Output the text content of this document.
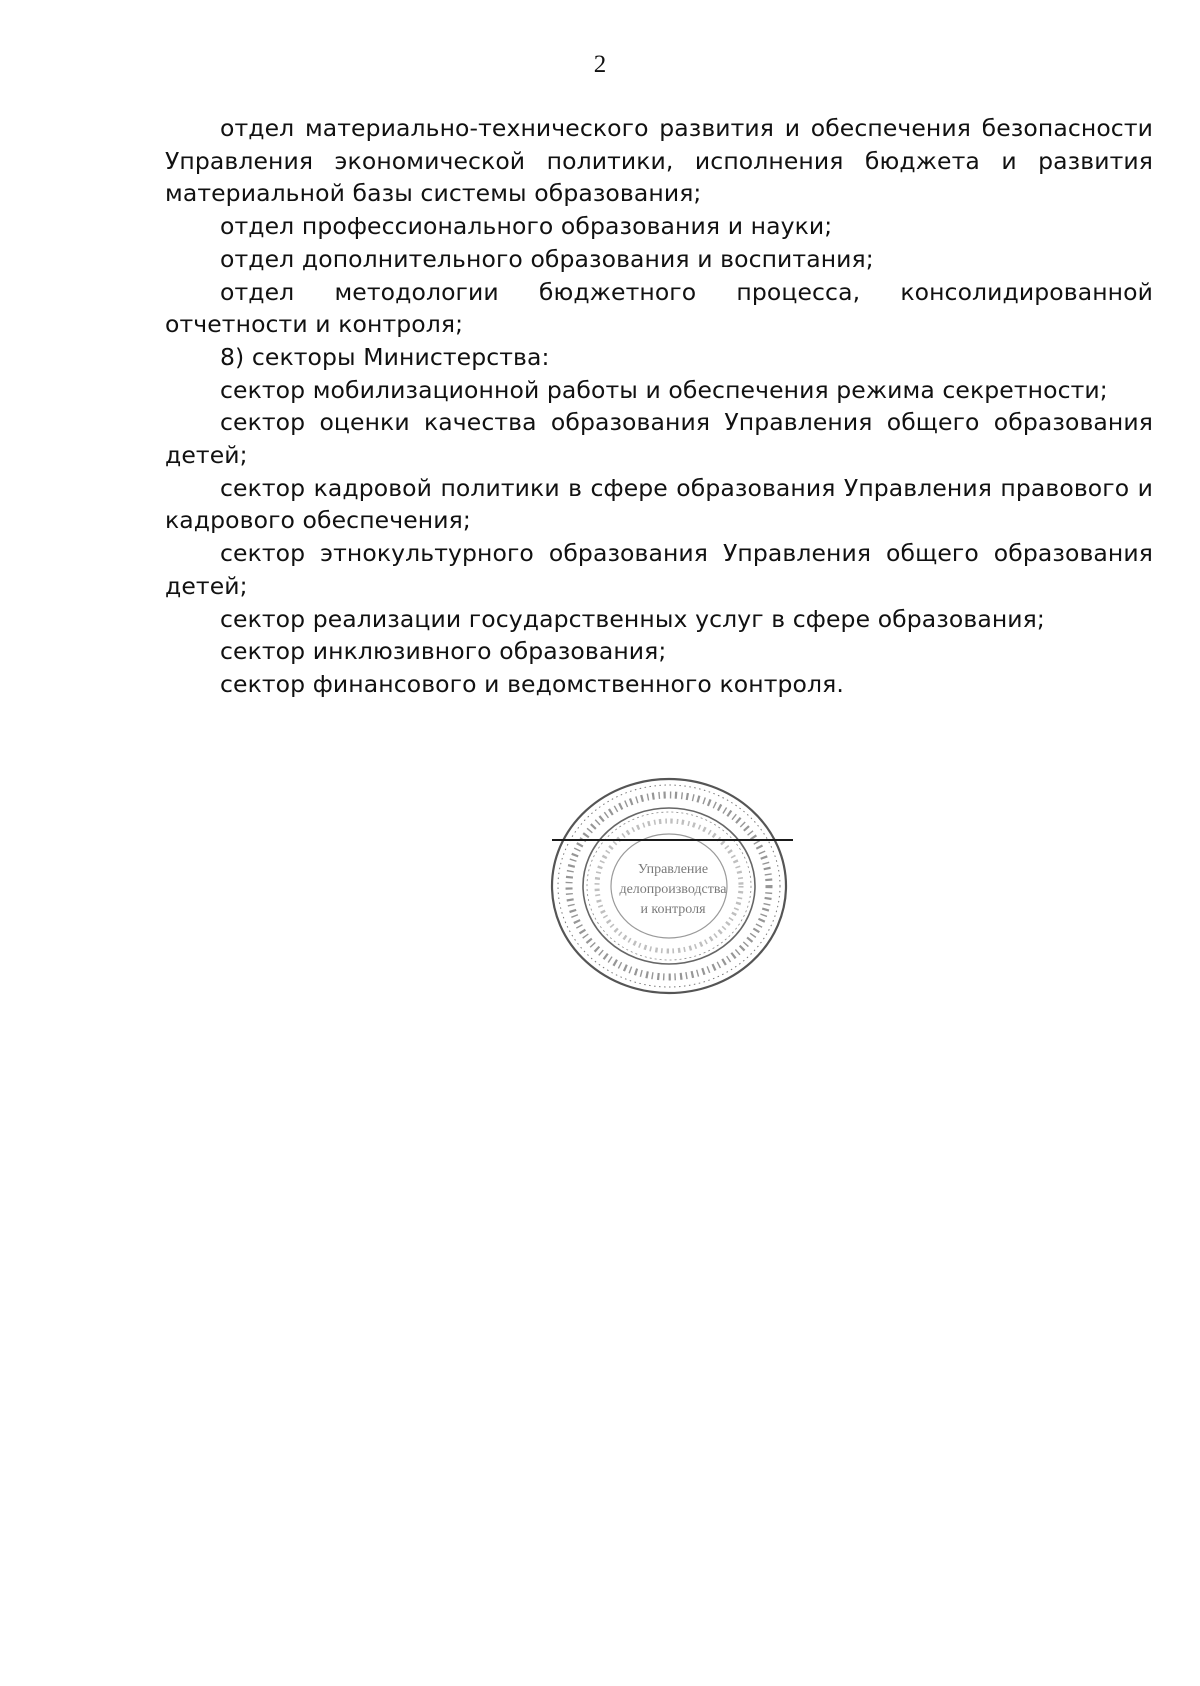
2

отдел материально-технического развития и обеспечения безопасности Управления экономической политики, исполнения бюджета и развития материальной базы системы образования;

отдел профессионального образования и науки;

отдел дополнительного образования и воспитания;

отдел методологии бюджетного процесса, консолидированной отчетности и контроля;

8) секторы Министерства:

сектор мобилизационной работы и обеспечения режима секретности;

сектор оценки качества образования Управления общего образования детей;

сектор кадровой политики в сфере образования Управления правового и кадрового обеспечения;

сектор этнокультурного образования Управления общего образования детей;

сектор реализации государственных услуг в сфере образования;

сектор инклюзивного образования;

сектор финансового и ведомственного контроля.

Управление
делопроизводства
и контроля
